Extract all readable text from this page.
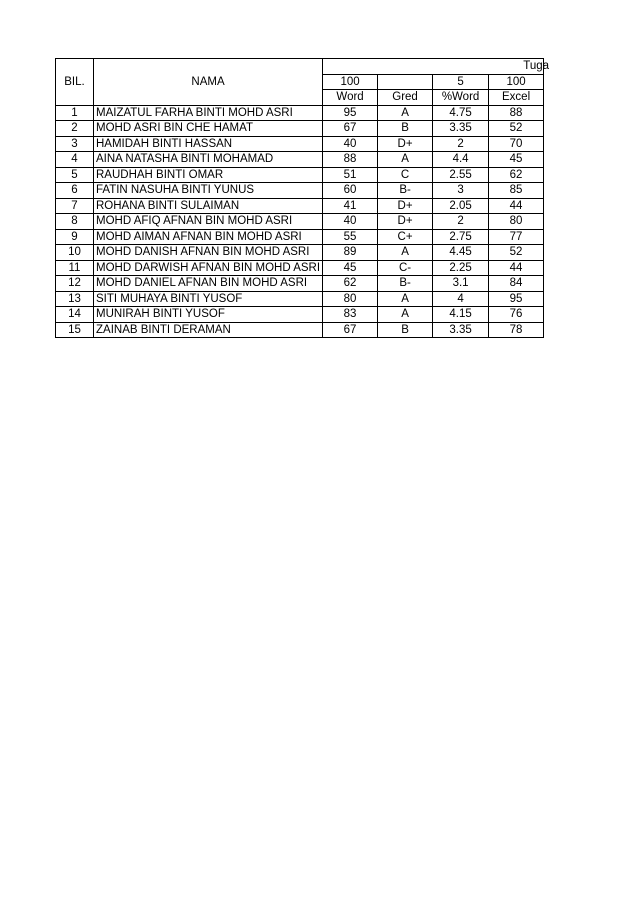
BIL.	NAMA	Tuga			
		100		5	100
		Word	Gred	%Word	Excel
1	MAIZATUL FARHA BINTI MOHD ASRI	95	A	4.75	88
2	MOHD ASRI BIN CHE HAMAT	67	B	3.35	52
3	HAMIDAH BINTI HASSAN	40	D+	2	70
4	AINA NATASHA BINTI MOHAMAD	88	A	4.4	45
5	RAUDHAH BINTI OMAR	51	C	2.55	62
6	FATIN NASUHA BINTI YUNUS	60	B-	3	85
7	ROHANA BINTI SULAIMAN	41	D+	2.05	44
8	MOHD AFIQ AFNAN BIN MOHD ASRI	40	D+	2	80
9	MOHD AIMAN AFNAN BIN MOHD ASRI	55	C+	2.75	77
10	MOHD DANISH AFNAN BIN MOHD ASRI	89	A	4.45	52
11	MOHD DARWISH AFNAN BIN MOHD ASRI	45	C-	2.25	44
12	MOHD DANIEL AFNAN BIN MOHD ASRI	62	B-	3.1	84
13	SITI MUHAYA BINTI YUSOF	80	A	4	95
14	MUNIRAH BINTI YUSOF	83	A	4.15	76
15	ZAINAB BINTI DERAMAN	67	B	3.35	78
